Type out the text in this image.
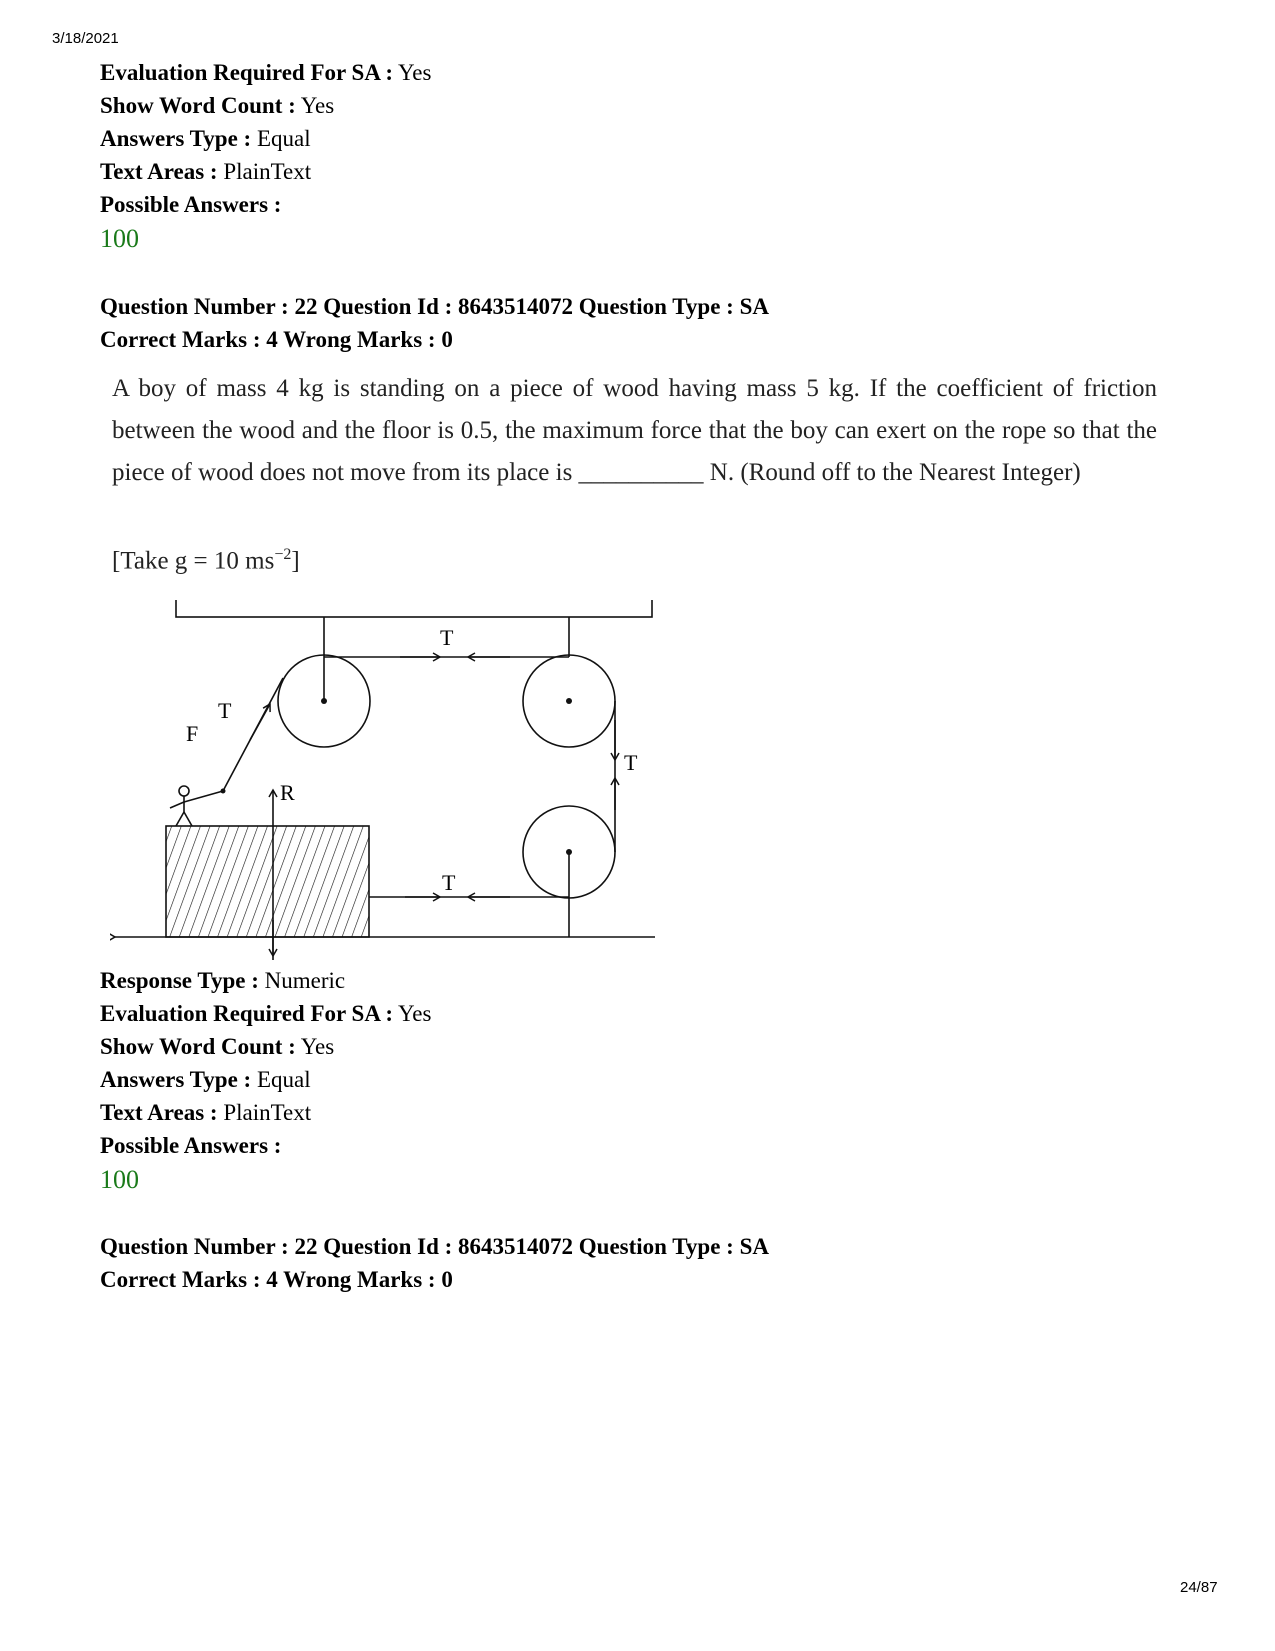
3/18/2021
Evaluation Required For SA : Yes
Show Word Count : Yes
Answers Type : Equal
Text Areas : PlainText
Possible Answers :
100
Question Number : 22 Question Id : 8643514072 Question Type : SA
Correct Marks : 4 Wrong Marks : 0
A boy of mass 4 kg is standing on a piece of wood having mass 5 kg. If the coefficient of friction between the wood and the floor is 0.5, the maximum force that the boy can exert on the rope so that the piece of wood does not move from its place is __________ N. (Round off to the Nearest Integer)
[Take g = 10 $ms^{-2}$]
T
T
F
R
T
T
Response Type : Numeric
Evaluation Required For SA : Yes
Show Word Count : Yes
Answers Type : Equal
Text Areas : PlainText
Possible Answers :
100
Question Number : 22 Question Id : 8643514072 Question Type : SA
Correct Marks : 4 Wrong Marks : 0
24/87
